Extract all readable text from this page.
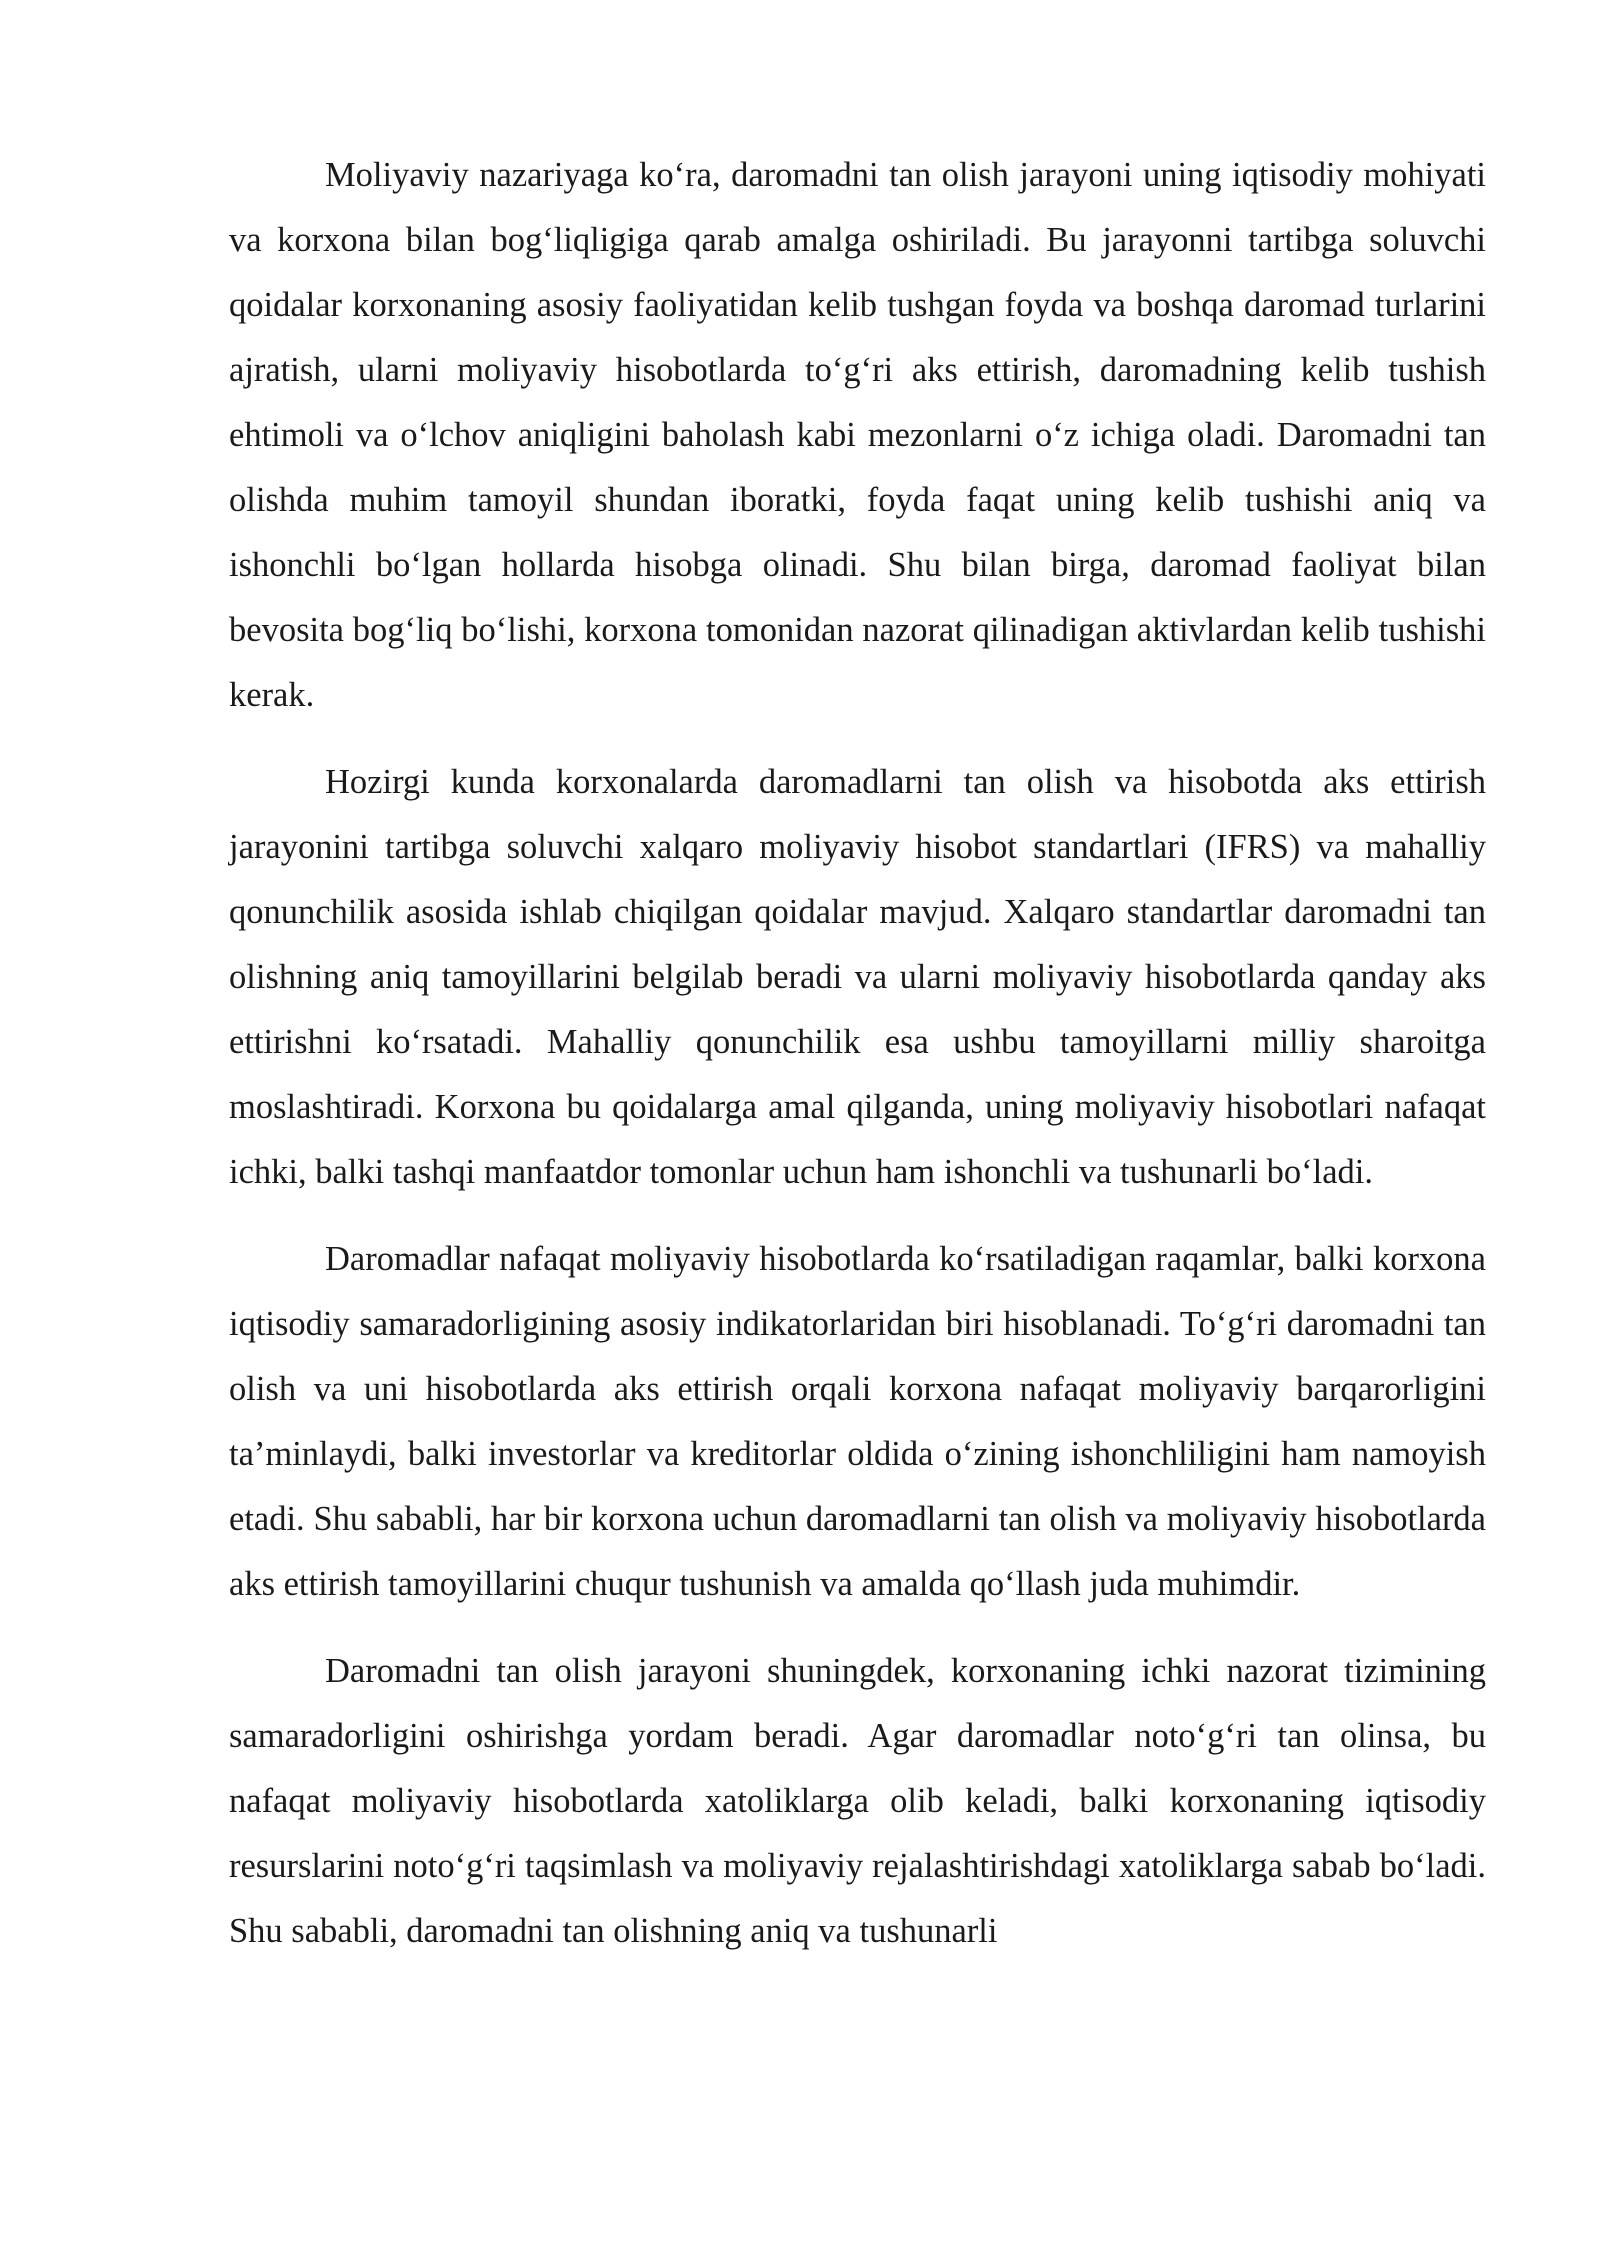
Moliyaviy nazariyaga ko‘ra, daromadni tan olish jarayoni uning iqtisodiy mohiyati va korxona bilan bog‘liqligiga qarab amalga oshiriladi. Bu jarayonni tartibga soluvchi qoidalar korxonaning asosiy faoliyatidan kelib tushgan foyda va boshqa daromad turlarini ajratish, ularni moliyaviy hisobotlarda to‘g‘ri aks ettirish, daromadning kelib tushish ehtimoli va o‘lchov aniqligini baholash kabi mezonlarni o‘z ichiga oladi. Daromadni tan olishda muhim tamoyil shundan iboratki, foyda faqat uning kelib tushishi aniq va ishonchli bo‘lgan hollarda hisobga olinadi. Shu bilan birga, daromad faoliyat bilan bevosita bog‘liq bo‘lishi, korxona tomonidan nazorat qilinadigan aktivlardan kelib tushishi kerak.

Hozirgi kunda korxonalarda daromadlarni tan olish va hisobotda aks ettirish jarayonini tartibga soluvchi xalqaro moliyaviy hisobot standartlari (IFRS) va mahalliy qonunchilik asosida ishlab chiqilgan qoidalar mavjud. Xalqaro standartlar daromadni tan olishning aniq tamoyillarini belgilab beradi va ularni moliyaviy hisobotlarda qanday aks ettirishni ko‘rsatadi. Mahalliy qonunchilik esa ushbu tamoyillarni milliy sharoitga moslashtiradi. Korxona bu qoidalarga amal qilganda, uning moliyaviy hisobotlari nafaqat ichki, balki tashqi manfaatdor tomonlar uchun ham ishonchli va tushunarli bo‘ladi.

Daromadlar nafaqat moliyaviy hisobotlarda ko‘rsatiladigan raqamlar, balki korxona iqtisodiy samaradorligining asosiy indikatorlaridan biri hisoblanadi. To‘g‘ri daromadni tan olish va uni hisobotlarda aks ettirish orqali korxona nafaqat moliyaviy barqarorligini ta’minlaydi, balki investorlar va kreditorlar oldida o‘zining ishonchliligini ham namoyish etadi. Shu sababli, har bir korxona uchun daromadlarni tan olish va moliyaviy hisobotlarda aks ettirish tamoyillarini chuqur tushunish va amalda qo‘llash juda muhimdir.

Daromadni tan olish jarayoni shuningdek, korxonaning ichki nazorat tizimining samaradorligini oshirishga yordam beradi. Agar daromadlar noto‘g‘ri tan olinsa, bu nafaqat moliyaviy hisobotlarda xatoliklarga olib keladi, balki korxonaning iqtisodiy resurslarini noto‘g‘ri taqsimlash va moliyaviy rejalashtirishdagi xatoliklarga sabab bo‘ladi. Shu sababli, daromadni tan olishning aniq va tushunarli
